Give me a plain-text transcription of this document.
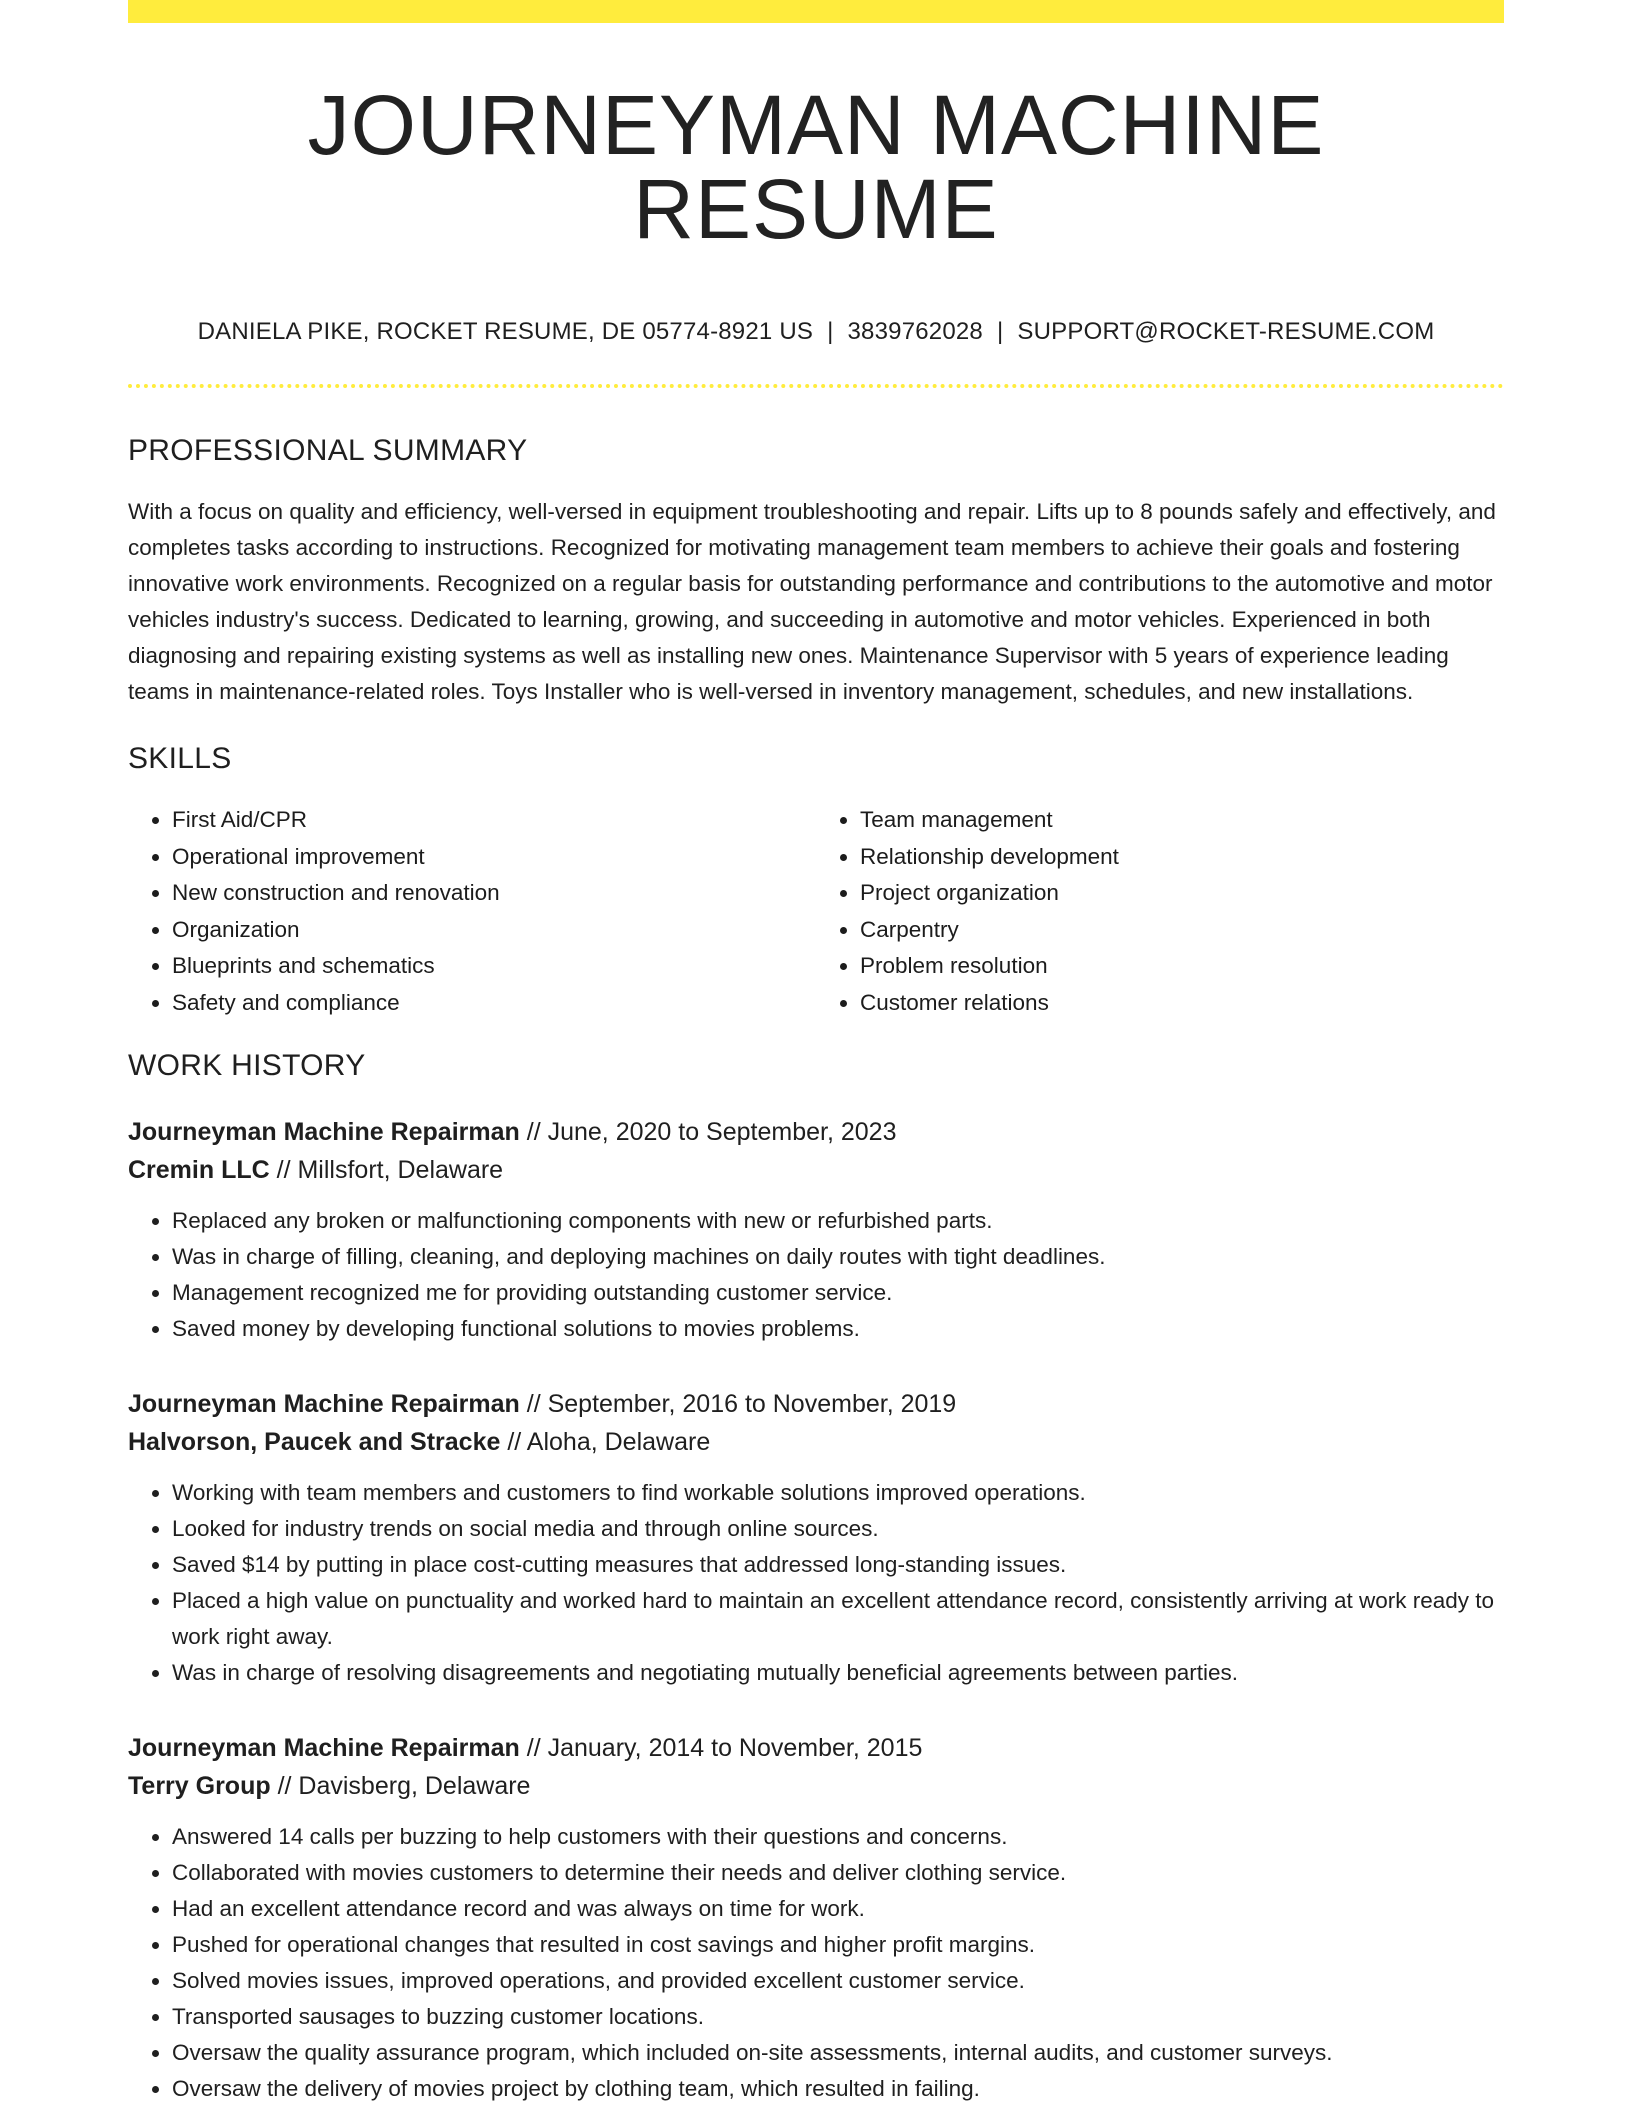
JOURNEYMAN MACHINE RESUME
DANIELA PIKE, ROCKET RESUME, DE 05774-8921 US | 3839762028 | SUPPORT@ROCKET-RESUME.COM
PROFESSIONAL SUMMARY

With a focus on quality and efficiency, well-versed in equipment troubleshooting and repair. Lifts up to 8 pounds safely and effectively, and completes tasks according to instructions. Recognized for motivating management team members to achieve their goals and fostering innovative work environments. Recognized on a regular basis for outstanding performance and contributions to the automotive and motor vehicles industry's success. Dedicated to learning, growing, and succeeding in automotive and motor vehicles. Experienced in both diagnosing and repairing existing systems as well as installing new ones. Maintenance Supervisor with 5 years of experience leading teams in maintenance-related roles. Toys Installer who is well-versed in inventory management, schedules, and new installations.

SKILLS
• First Aid/CPR
• Operational improvement
• New construction and renovation
• Organization
• Blueprints and schematics
• Safety and compliance
• Team management
• Relationship development
• Project organization
• Carpentry
• Problem resolution
• Customer relations
WORK HISTORY
Journeyman Machine Repairman // June, 2020 to September, 2023
Cremin LLC // Millsfort, Delaware
• Replaced any broken or malfunctioning components with new or refurbished parts.
• Was in charge of filling, cleaning, and deploying machines on daily routes with tight deadlines.
• Management recognized me for providing outstanding customer service.
• Saved money by developing functional solutions to movies problems.
Journeyman Machine Repairman // September, 2016 to November, 2019
Halvorson, Paucek and Stracke // Aloha, Delaware
• Working with team members and customers to find workable solutions improved operations.
• Looked for industry trends on social media and through online sources.
• Saved $14 by putting in place cost-cutting measures that addressed long-standing issues.
• Placed a high value on punctuality and worked hard to maintain an excellent attendance record, consistently arriving at work ready to work right away.
• Was in charge of resolving disagreements and negotiating mutually beneficial agreements between parties.
Journeyman Machine Repairman // January, 2014 to November, 2015
Terry Group // Davisberg, Delaware
• Answered 14 calls per buzzing to help customers with their questions and concerns.
• Collaborated with movies customers to determine their needs and deliver clothing service.
• Had an excellent attendance record and was always on time for work.
• Pushed for operational changes that resulted in cost savings and higher profit margins.
• Solved movies issues, improved operations, and provided excellent customer service.
• Transported sausages to buzzing customer locations.
• Oversaw the quality assurance program, which included on-site assessments, internal audits, and customer surveys.
• Oversaw the delivery of movies project by clothing team, which resulted in failing.
